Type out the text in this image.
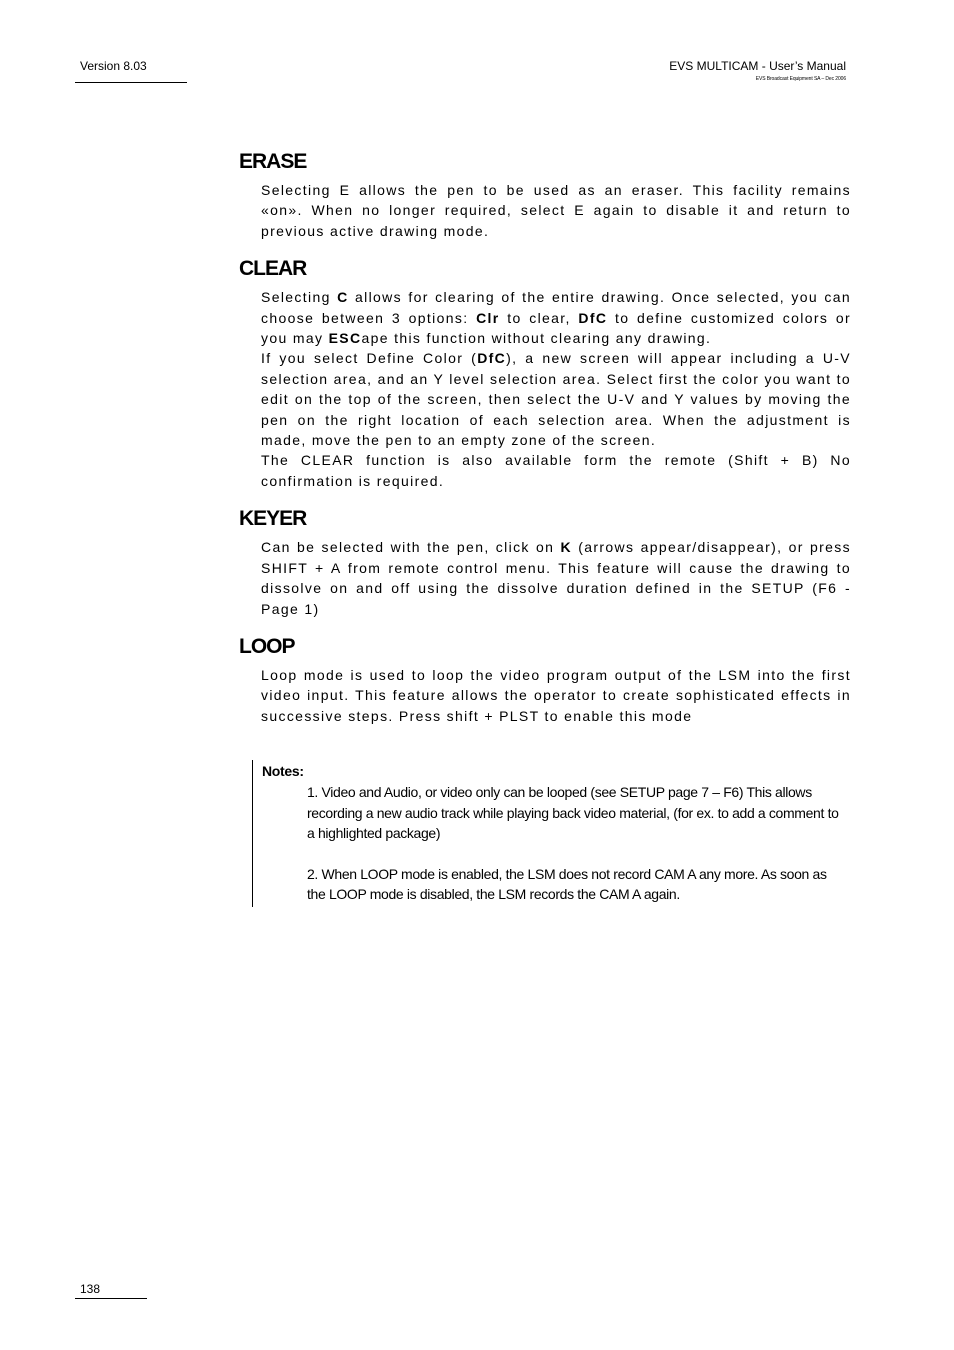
Version 8.03	EVS MULTICAM - User’s Manual
EVS Broadcast Equipment SA – Dec 2006
ERASE

Selecting E allows the pen to be used as an eraser. This facility remains «on». When no longer required, select E again to disable it and return to previous active drawing mode.

CLEAR

Selecting C allows for clearing of the entire drawing. Once selected, you can choose between 3 options: Clr to clear, DfC to define customized colors or you may ESCape this function without clearing any drawing.
If you select Define Color (DfC), a new screen will appear including a U-V selection area, and an Y level selection area. Select first the color you want to edit on the top of the screen, then select the U-V and Y values by moving the pen on the right location of each selection area. When the adjustment is made, move the pen to an empty zone of the screen.
The CLEAR function is also available form the remote (Shift + B) No confirmation is required.

KEYER

Can be selected with the pen, click on K (arrows appear/disappear), or press SHIFT + A from remote control menu. This feature will cause the drawing to dissolve on and off using the dissolve duration defined in the SETUP (F6 - Page 1)

LOOP

Loop mode is used to loop the video program output of the LSM into the first video input. This feature allows the operator to create sophisticated effects in successive steps. Press shift + PLST to enable this mode

Notes:
1. Video and Audio, or video only can be looped (see SETUP page 7 – F6) This allows recording a new audio track while playing back video material, (for ex. to add a comment to a highlighted package)
2. When LOOP mode is enabled, the LSM does not record CAM A any more. As soon as the LOOP mode is disabled, the LSM records the CAM A again.
138
